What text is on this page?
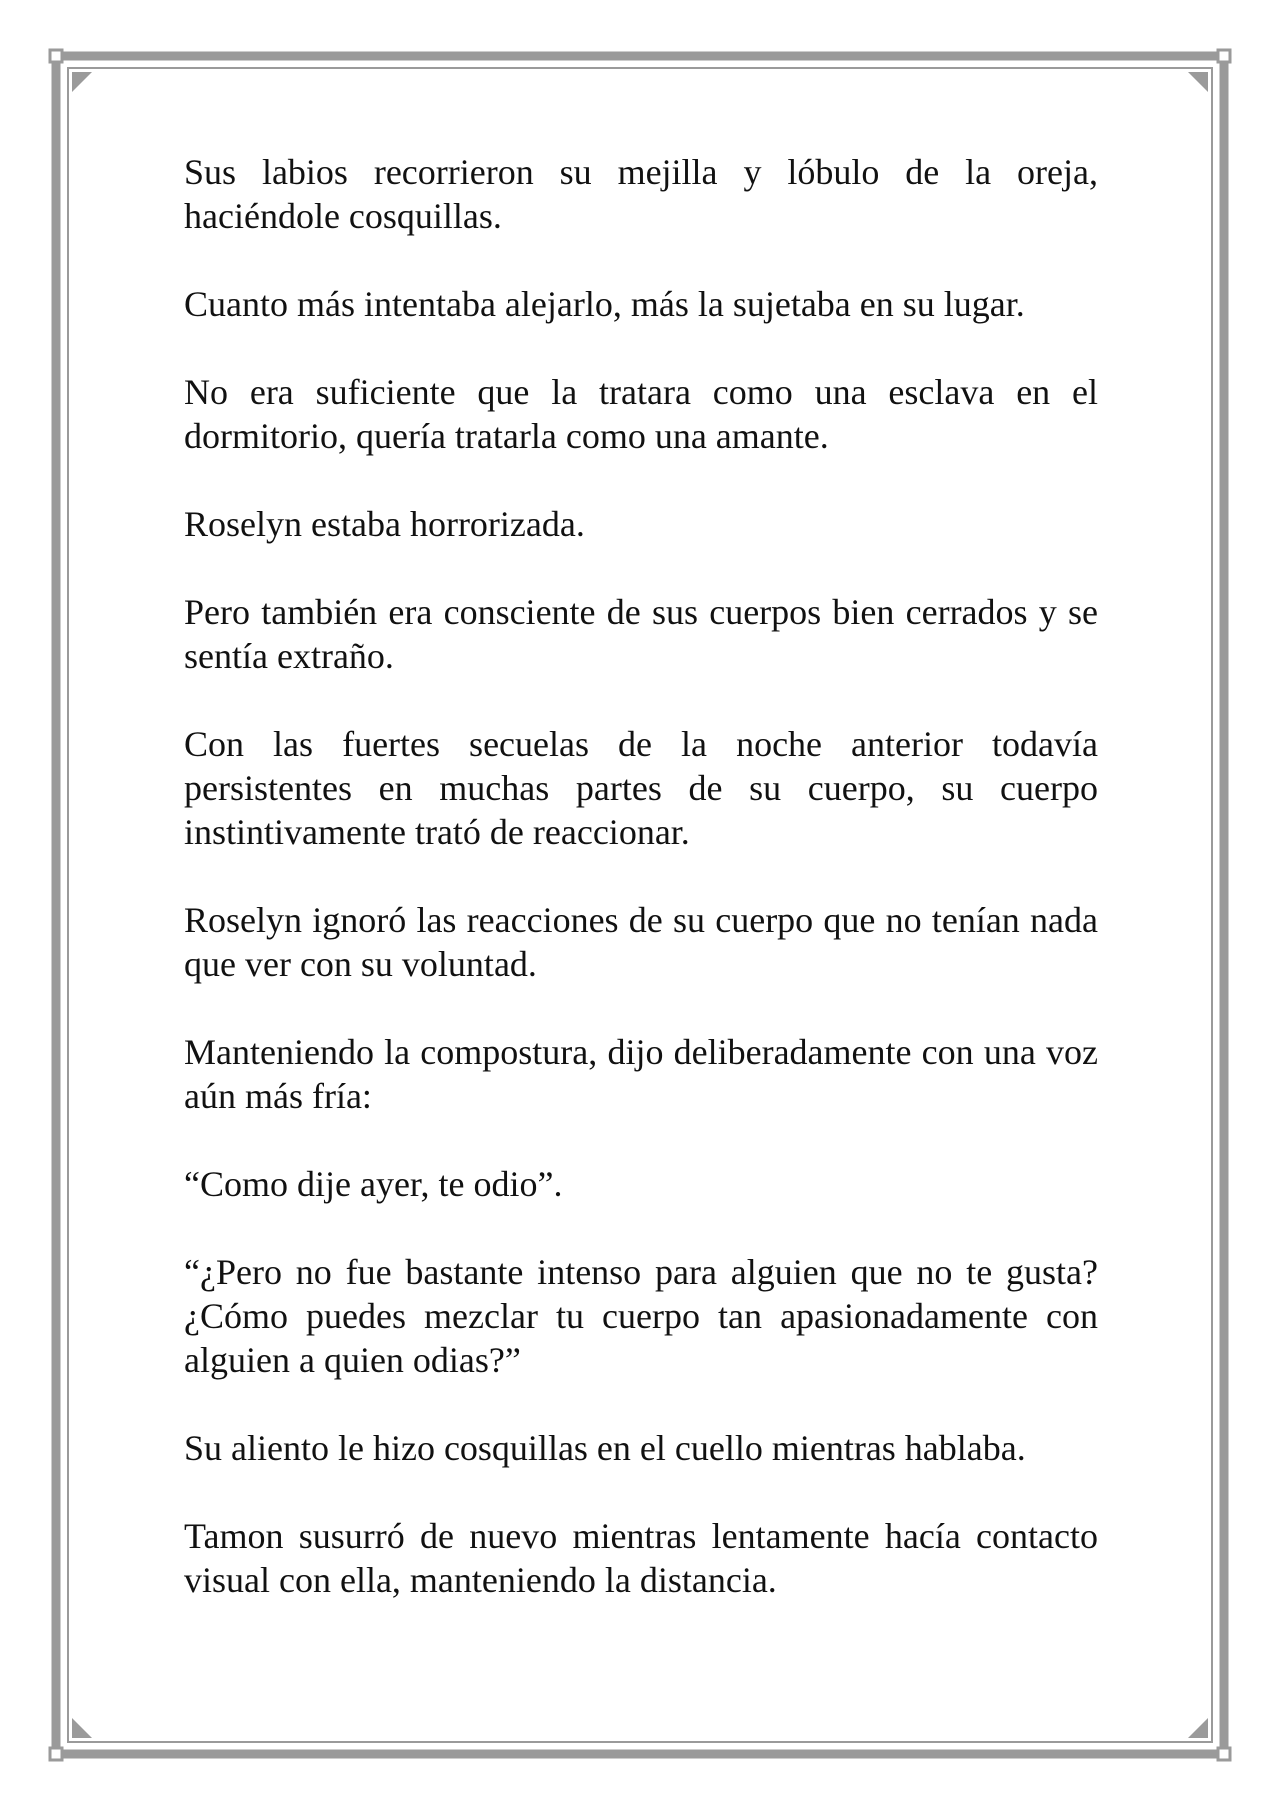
Sus labios recorrieron su mejilla y lóbulo de la oreja, haciéndole cosquillas.

Cuanto más intentaba alejarlo, más la sujetaba en su lugar.

No era suficiente que la tratara como una esclava en el dormitorio, quería tratarla como una amante.

Roselyn estaba horrorizada.

Pero también era consciente de sus cuerpos bien cerrados y se sentía extraño.

Con las fuertes secuelas de la noche anterior todavía persistentes en muchas partes de su cuerpo, su cuerpo instintivamente trató de reaccionar.

Roselyn ignoró las reacciones de su cuerpo que no tenían nada que ver con su voluntad.

Manteniendo la compostura, dijo deliberadamente con una voz aún más fría:

“Como dije ayer, te odio”.

“¿Pero no fue bastante intenso para alguien que no te gusta? ¿Cómo puedes mezclar tu cuerpo tan apasionadamente con alguien a quien odias?”

Su aliento le hizo cosquillas en el cuello mientras hablaba.

Tamon susurró de nuevo mientras lentamente hacía contacto visual con ella, manteniendo la distancia.
